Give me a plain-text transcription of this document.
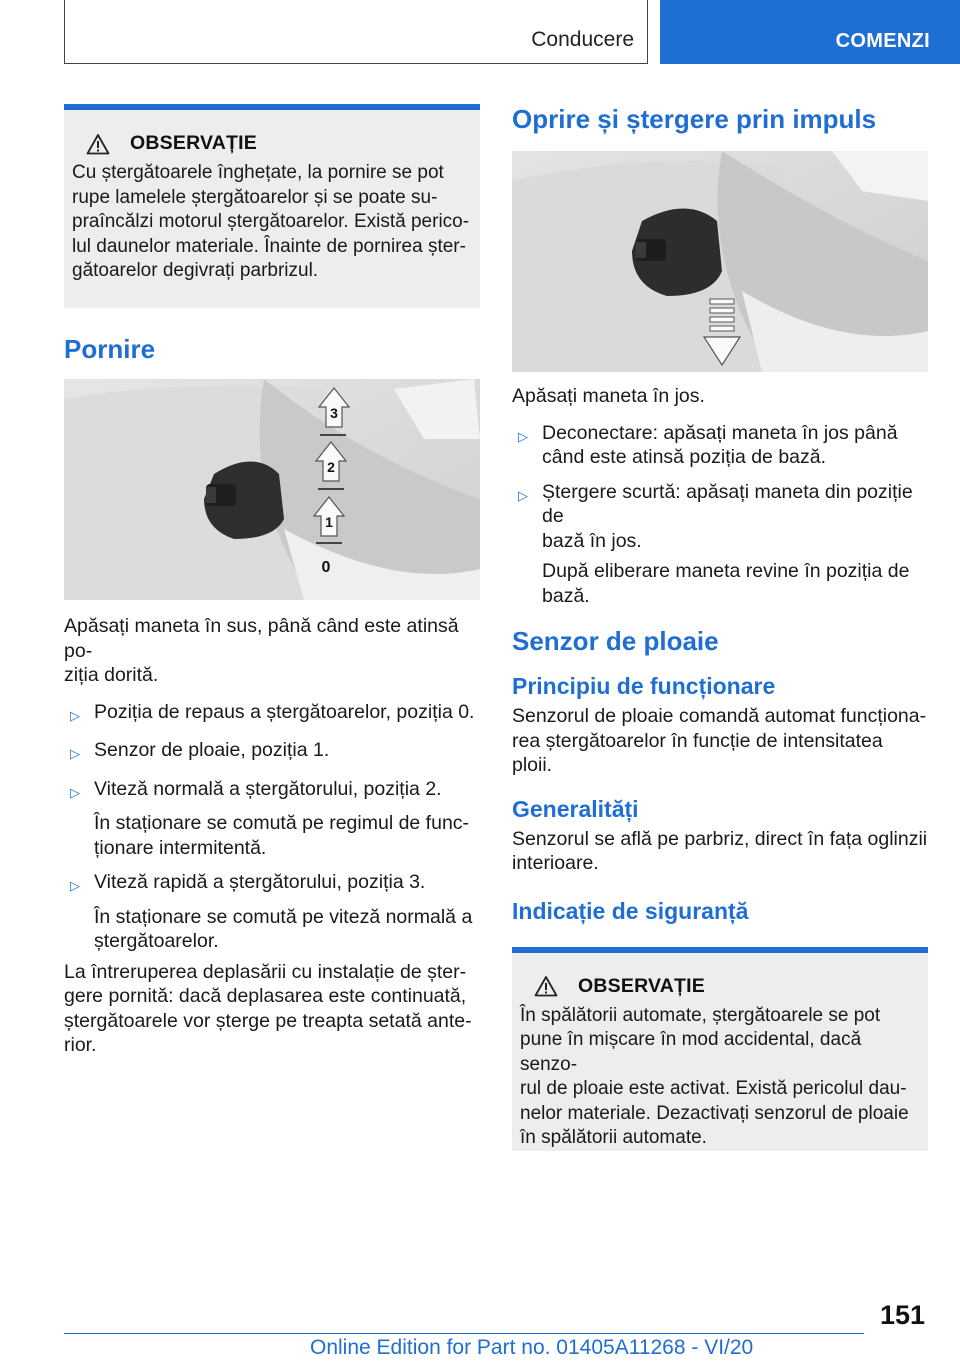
Conducere	COMENZI
OBSERVAȚIE
Cu ștergătoarele înghețate, la pornire se pot
rupe lamelele ștergătoarelor și se poate su-
praîncălzi motorul ștergătoarelor. Există perico-
lul daunelor materiale. Înainte de pornirea șter-
gătoarelor degivrați parbrizul.
Pornire

Apăsați maneta în sus, până când este atinsă po-

ziția dorită.

▷ Poziția de repaus a ștergătoarelor, poziția 0.
▷ Senzor de ploaie, poziția 1.
▷ Viteză normală a ștergătorului, poziția 2.

În staționare se comută pe regimul de func-

ționare intermitentă.

▷ Viteză rapidă a ștergătorului, poziția 3.

În staționare se comută pe viteză normală a

ștergătoarelor.

La întreruperea deplasării cu instalație de șter-

gere pornită: dacă deplasarea este continuată,

ștergătoarele vor șterge pe treapta setată ante-

rior.

3
2
1
0
Oprire și ștergere prin impuls

Apăsați maneta în jos.

▷ Deconectare: apăsați maneta în jos până
când este atinsă poziția de bază.
▷ Ștergere scurtă: apăsați maneta din poziție de
bază în jos.

După eliberare maneta revine în poziția de

bază.

Senzor de ploaie
Principiu de funcționare

Senzorul de ploaie comandă automat funcționa-

rea ștergătoarelor în funcție de intensitatea ploii.

Generalități

Senzorul se află pe parbriz, direct în fața oglinzii

interioare.

Indicație de siguranță
OBSERVAȚIE
În spălătorii automate, ștergătoarele se pot
pune în mișcare în mod accidental, dacă senzo-
rul de ploaie este activat. Există pericolul dau-
nelor materiale. Dezactivați senzorul de ploaie
în spălătorii automate.
151
Online Edition for Part no. 01405A11268 - VI/20
